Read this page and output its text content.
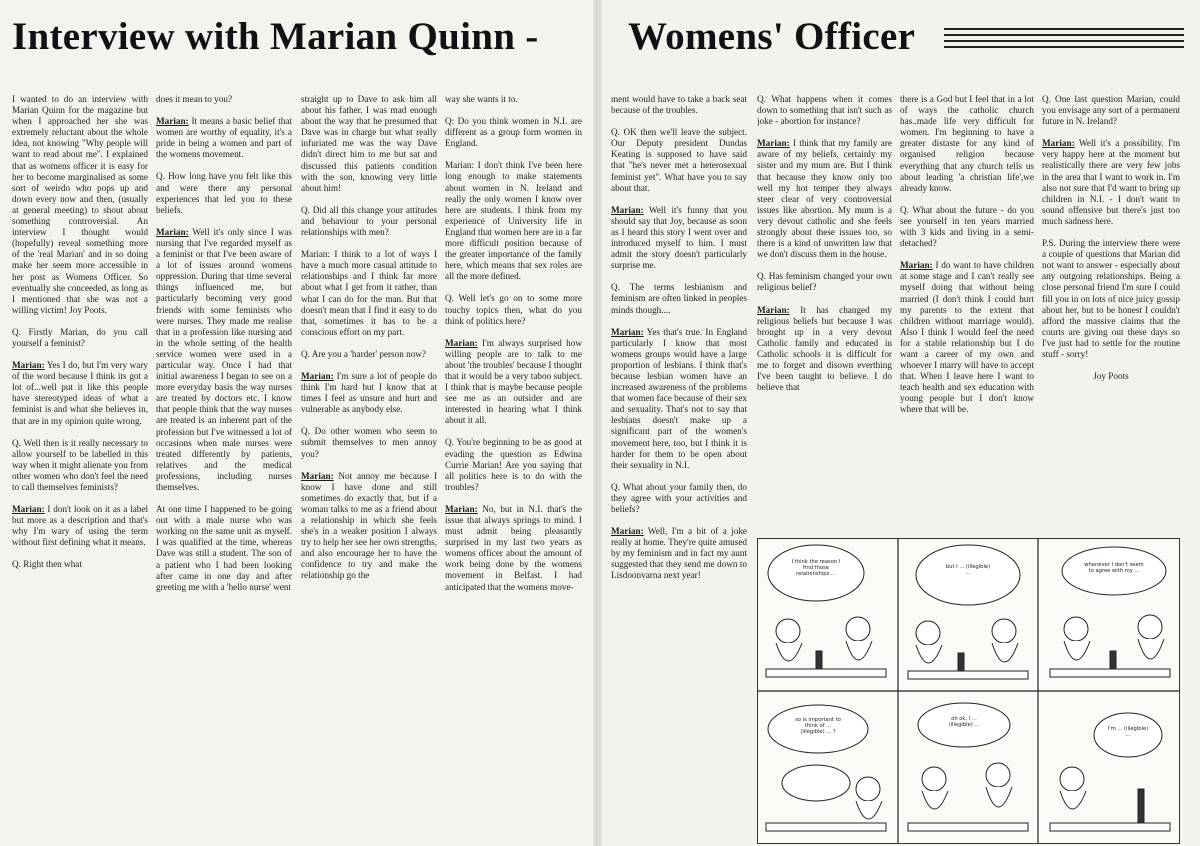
Interview with Marian Quinn - Womens' Officer

I wanted to do an interview with Marian Quinn for the magazine but when I approached her she was extremely reluctant about the whole idea, not knowing "Why people will want to read about me". I explained that as womens officer it is easy for her to become marginalised as some sort of weirdo who pops up and down every now and then, (usually at general meeting) to shout about something controversial. An interview I thought would (hopefully) reveal something more of the 'real Marian' and in so doing make her seem more accessible in her post as Womens Officer. So eventually she conceeded, as long as I mentioned that she was not a willing victim! Joy Poots.

Q. Firstly Marian, do you call yourself a feminist?

Marian: Yes I do, but I'm very wary of the word because I think its got a lot of...well put it like this people have stereotyped ideas of what a feminist is and what she believes in, that are in my opinion quite wrong.

Q. Well then is it really necessary to allow yourself to be labelled in this way when it might alienate you from other women who don't feel the need to call themselves feminists?

Marian: I don't look on it as a label but more as a description and that's why I'm wary of using the term without first defining what it means.

Q. Right then what

does it mean to you?

Marian: It means a basic belief that women are worthy of equality, it's a pride in being a women and part of the womens movement.

Q. How long have you felt like this and were there any personal experiences that led you to these beliefs.

Marian: Well it's only since I was nursing that I've regarded myself as a feminist or that I've been aware of a lot of issues around womens oppression. During that time several things influenced me, but particularly becoming very good friends with some feminists who were nurses. They made me realise that in a profession like nursing and in the whole setting of the health service women were used in a particular way. Once I had that initial awareness I began to see on a more everyday basis the way nurses are treated by doctors etc. I know that people think that the way nurses are treated is an inherent part of the profession but I've witnessed a lot of occasions when male nurses were treated differently by patients, relatives and the medical professions, including nurses themselves.

At one time I happened to be going out with a male nurse who was working on the same unit as myself. I was qualified at the time, whereas Dave was still a student. The son of a patient who I had been looking after came in one day and after greeting me with a 'hello nurse' went

straight up to Dave to ask him all about his father. I was mad enough about the way that he presumed that Dave was in charge but what really infuriated me was the way Dave didn't direct him to me but sat and discussed this patients condition with the son, knowing very little about him!

Q. Did all this change your attitudes and behaviour to your personal relationships with men?

Marian: I think to a lot of ways I have a much more casual attitude to relationships and I think far more about what I get from it rather, than what I can do for the man. But that doesn't mean that I find it easy to do that, sometimes it has to be a conscious effort on my part.

Q. Are you a 'harder' person now?

Marian: I'm sure a lot of people do think I'm hard but I know that at times I feel as unsure and hurt and vulnerable as anybody else.

Q. Do other women who seem to submit themselves to men annoy you?

Marian: Not annoy me because I know I have done and still sometimes do exactly that, but if a woman talks to me as a friend about a relationship in which she feels she's in a weaker position I always try to help her see her own strengths, and also encourage her to have the confidence to try and make the relationship go the

way she wants it to.

Q: Do you think women in N.I. are different as a group form women in England.

Marian: I don't think I've been here long enough to make statements about women in N. Ireland and really the only women I know over here are students. I think from my experience of University life in England that women here are in a far more difficult position because of the greater importance of the family here, which means that sex roles are all the more defined.

Q. Well let's go on to some more touchy topics then, what do you think of politics here?

Marian: I'm always surprised how willing people are to talk to me about 'the troubles' because I thought that it would be a very taboo subject. I think that is maybe because people see me as an outsider and are interested in hearing what I think about it all.

Q. You're beginning to be as good at evading the question as Edwina Currie Marian! Are you saying that all politics here is to do with the troubles?

Marian: No, but in N.I. that's the issue that always springs to mind. I must admit being pleasantly surprised in my last two years as womens officer about the amount of work being done by the womens movement in Belfast. I had anticipated that the womens move-

ment would have to take a back seat because of the troubles.

Q. OK then we'll leave the subject. Our Deputy president Dundas Keating is supposed to have said that "he's never met a heterosexual feminist yet". What have you to say about that.

Marian: Well it's funny that you should say that Joy, because as soon as I heard this story I went over and introduced myself to him. I must admit the story doesn't particularly surprise me.

Q. The terms lesbianism and feminism are often linked in peoples minds though....

Marian: Yes that's true. In England particularly I know that most womens groups would have a large proportion of lesbians. I think that's because lesbian women have an increased awareness of the problems that women face because of their sex and sexuality. That's not to say that lesbians doesn't make up a significant part of the women's movement here, too, but I think it is harder for them to be open about their sexuality in N.I.

Q. What about your family then, do they agree with your activities and beliefs?

Marian: Well, I'm a bit of a joke really at home. They're quite amused by my feminism and in fact my aunt suggested that they send me down to Lisdoonvarna next year!

Q. What happens when it comes down to something that isn't such as joke - abortion for instance?

Marian: I think that my family are aware of my beliefs, certainly my sister and my mum are. But I think that because they know only too well my hot temper they always steer clear of very controversial issues like abortion. My mum is a very devout catholic and she feels strongly about these issues too, so there is a kind of unwritten law that we don't discuss them in the house.

Q. Has feminism changed your own religious belief?

Marian: It has changed my religious beliefs but because I was brought up in a very devout Catholic family and educated in Catholic schools it is difficult for me to forget and disown everthing I've been taught to believe. I do believe that

there is a God but I feel that in a lot of ways the catholic church has..made life very difficult for women. I'm beginning to have a greater distaste for any kind of organised religion because everything that any church tells us about leading 'a christian life',we already know.

Q. What about the future - do you see yourself in ten years married with 3 kids and living in a semi-detached?

Marian: I do want to have children at some stage and I can't really see myself doing that without being married (I don't think I could hurt my parents to the extent that children without marriage would). Also I think I would feel the need for a stable relationship but I do want a career of my own and whoever I marry will have to accept that. When I leave here I want to teach health and sex education with young people but I don't know where that will be.

Q. One last question Marian, could you envisage any sort of a permanent future in N. Ireland?

Marian: Well it's a possibility. I'm very happy here at the moment but realistically there are very few jobs in the area that I want to work in. I'm also not sure that I'd want to bring up children in N.I. - I don't want to sound offensive but there's just too much sadness here.

P.S. During the interview there were a couple of questions that Marian did not want to answer - especially about any outgoing relationships. Being a close personal friend I'm sure I could fill you in on lots of nice juicy gossip about her, but to be honest I couldn't afford the massive claims that the courts are giving out these days so I've just had to settle for the routine stuff - sorry!

Joy Poots

I think the reason I find those relationships ...
but I ... (illegible) ...
whenever I don't seem to agree with my ...
so is important to think of ... (illegible) ... ?
oh ok, I ... (illegible) ...
I'm ... (illegible) ...
